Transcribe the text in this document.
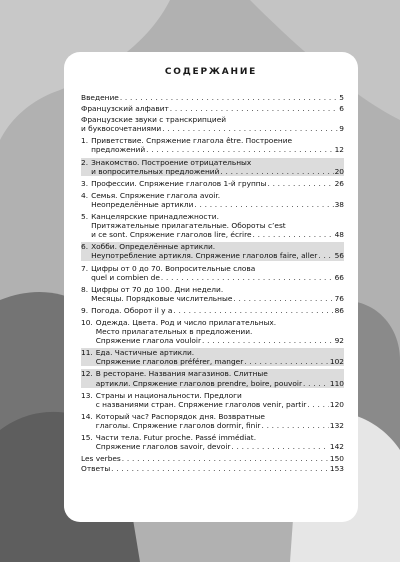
СОДЕРЖАНИЕ
Введение . . .	5
Французский алфавит . . .	6
Французские звуки с транскрипцией
и буквосочетаниями . . .	9
1. Приветствие. Спряжение глагола être. Построение
предложений . . .	12
2. Знакомство. Построение отрицательных
и вопросительных предложений . . .	20
3. Профессии. Спряжение глаголов 1-й группы . . .	26
4. Семья. Спряжение глагола avoir.
Неопределённые артикли . . .	38
5. Канцелярские принадлежности.
Притяжательные прилагательные. Обороты c’est
и ce sont. Спряжение глаголов lire, écrire . . .	48
6. Хобби. Определённые артикли.
Неупотребление артикля. Спряжение глаголов faire, aller . . . 56
7. Цифры от 0 до 70. Вопросительные слова
quel и combien de . . .	66
8. Цифры от 70 до 100. Дни недели.
Месяцы. Порядковые числительные . . .	76
9. Погода. Оборот il y a . . .	86
10. Одежда. Цвета. Род и число прилагательных.
Место прилагательных в предложении.
Спряжение глагола vouloir . . .	92
11. Еда. Частичные артикли.
Спряжение глаголов préférer, manger . . .	102
12. В ресторане. Названия магазинов. Слитные
артикли. Спряжение глаголов prendre, boire, pouvoir . . .	110
13. Страны и национальности. Предлоги
с названиями стран. Спряжение глаголов venir, partir . . .	120
14. Который час? Распорядок дня. Возвратные
глаголы. Спряжение глаголов dormir, finir . . .	132
15. Части тела. Futur proche. Passé immédiat.
Спряжение глаголов savoir, devoir . . .	142
Les verbes . . .	150
Ответы . . .	153
